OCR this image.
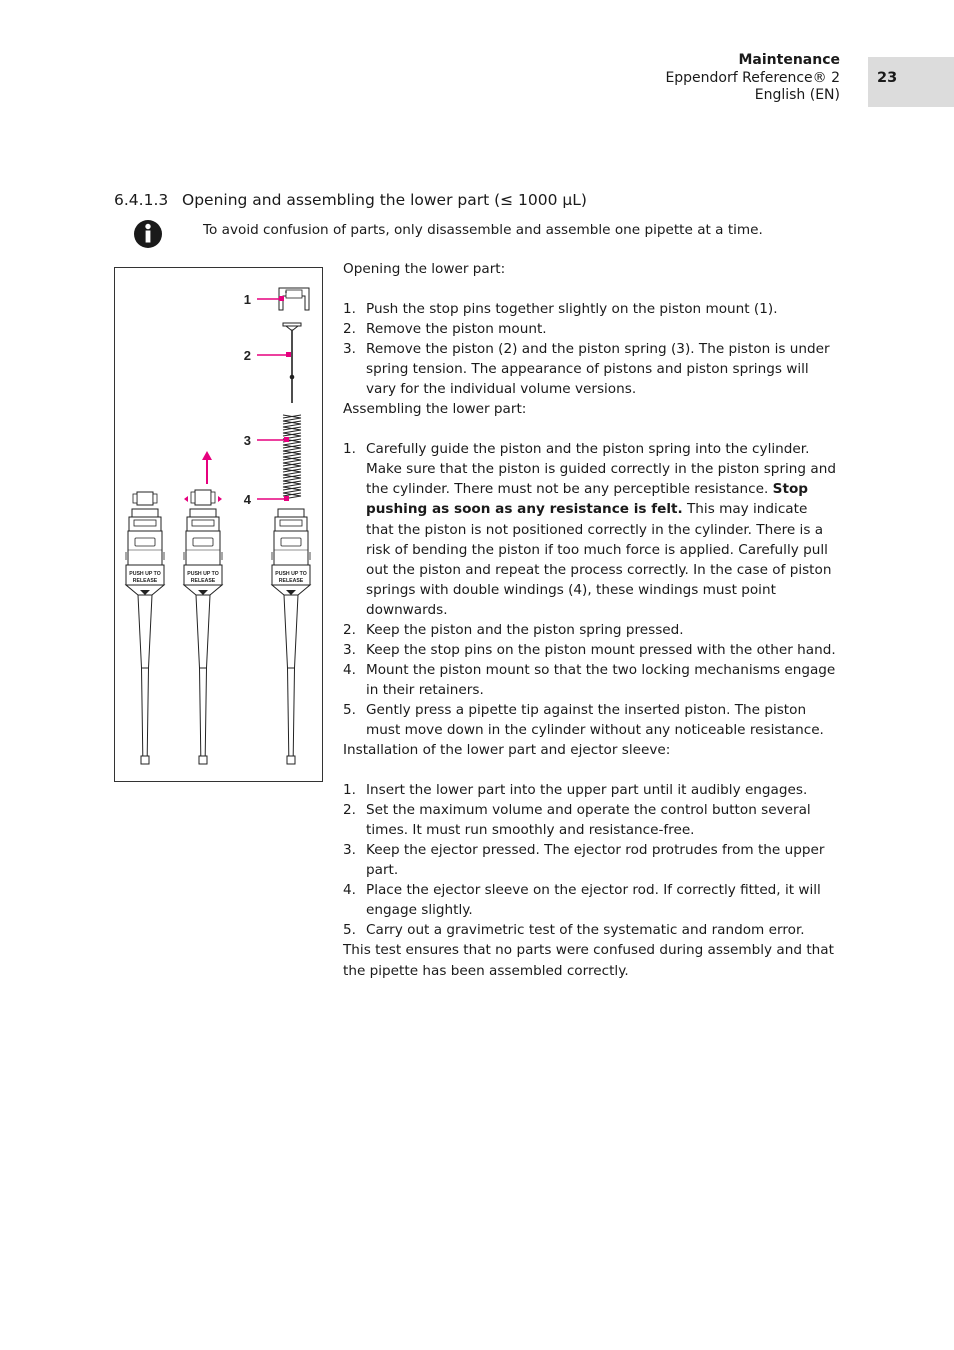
Maintenance
Eppendorf Reference® 2
English (EN)
23
6.4.1.3 Opening and assembling the lower part (≤ 1000 µL)
To avoid confusion of parts, only disassemble and assemble one pipette at a time.
PUSH UP TO
RELEASE
PUSH UP TO
RELEASE
PUSH UP TO
RELEASE
1
2
3
4

Opening the lower part:

1. Push the stop pins together slightly on the piston mount (1).
2. Remove the piston mount.
3. Remove the piston (2) and the piston spring (3). The piston is under spring tension. The appearance of pistons and piston springs will vary for the individual volume versions.

Assembling the lower part:

1. Carefully guide the piston and the piston spring into the cylinder. Make sure that the piston is guided correctly in the piston spring and the cylinder. There must not be any perceptible resistance. Stop pushing as soon as any resistance is felt. This may indicate that the piston is not positioned correctly in the cylinder. There is a risk of bending the piston if too much force is applied. Carefully pull out the piston and repeat the process correctly. In the case of piston springs with double windings (4), these windings must point downwards.
2. Keep the piston and the piston spring pressed.
3. Keep the stop pins on the piston mount pressed with the other hand.
4. Mount the piston mount so that the two locking mechanisms engage in their retainers.
5. Gently press a pipette tip against the inserted piston. The piston must move down in the cylinder without any noticeable resistance.

Installation of the lower part and ejector sleeve:

1. Insert the lower part into the upper part until it audibly engages.
2. Set the maximum volume and operate the control button several times. It must run smoothly and resistance-free.
3. Keep the ejector pressed. The ejector rod protrudes from the upper part.
4. Place the ejector sleeve on the ejector rod. If correctly fitted, it will engage slightly.
5. Carry out a gravimetric test of the systematic and random error.

This test ensures that no parts were confused during assembly and that the pipette has been assembled correctly.
